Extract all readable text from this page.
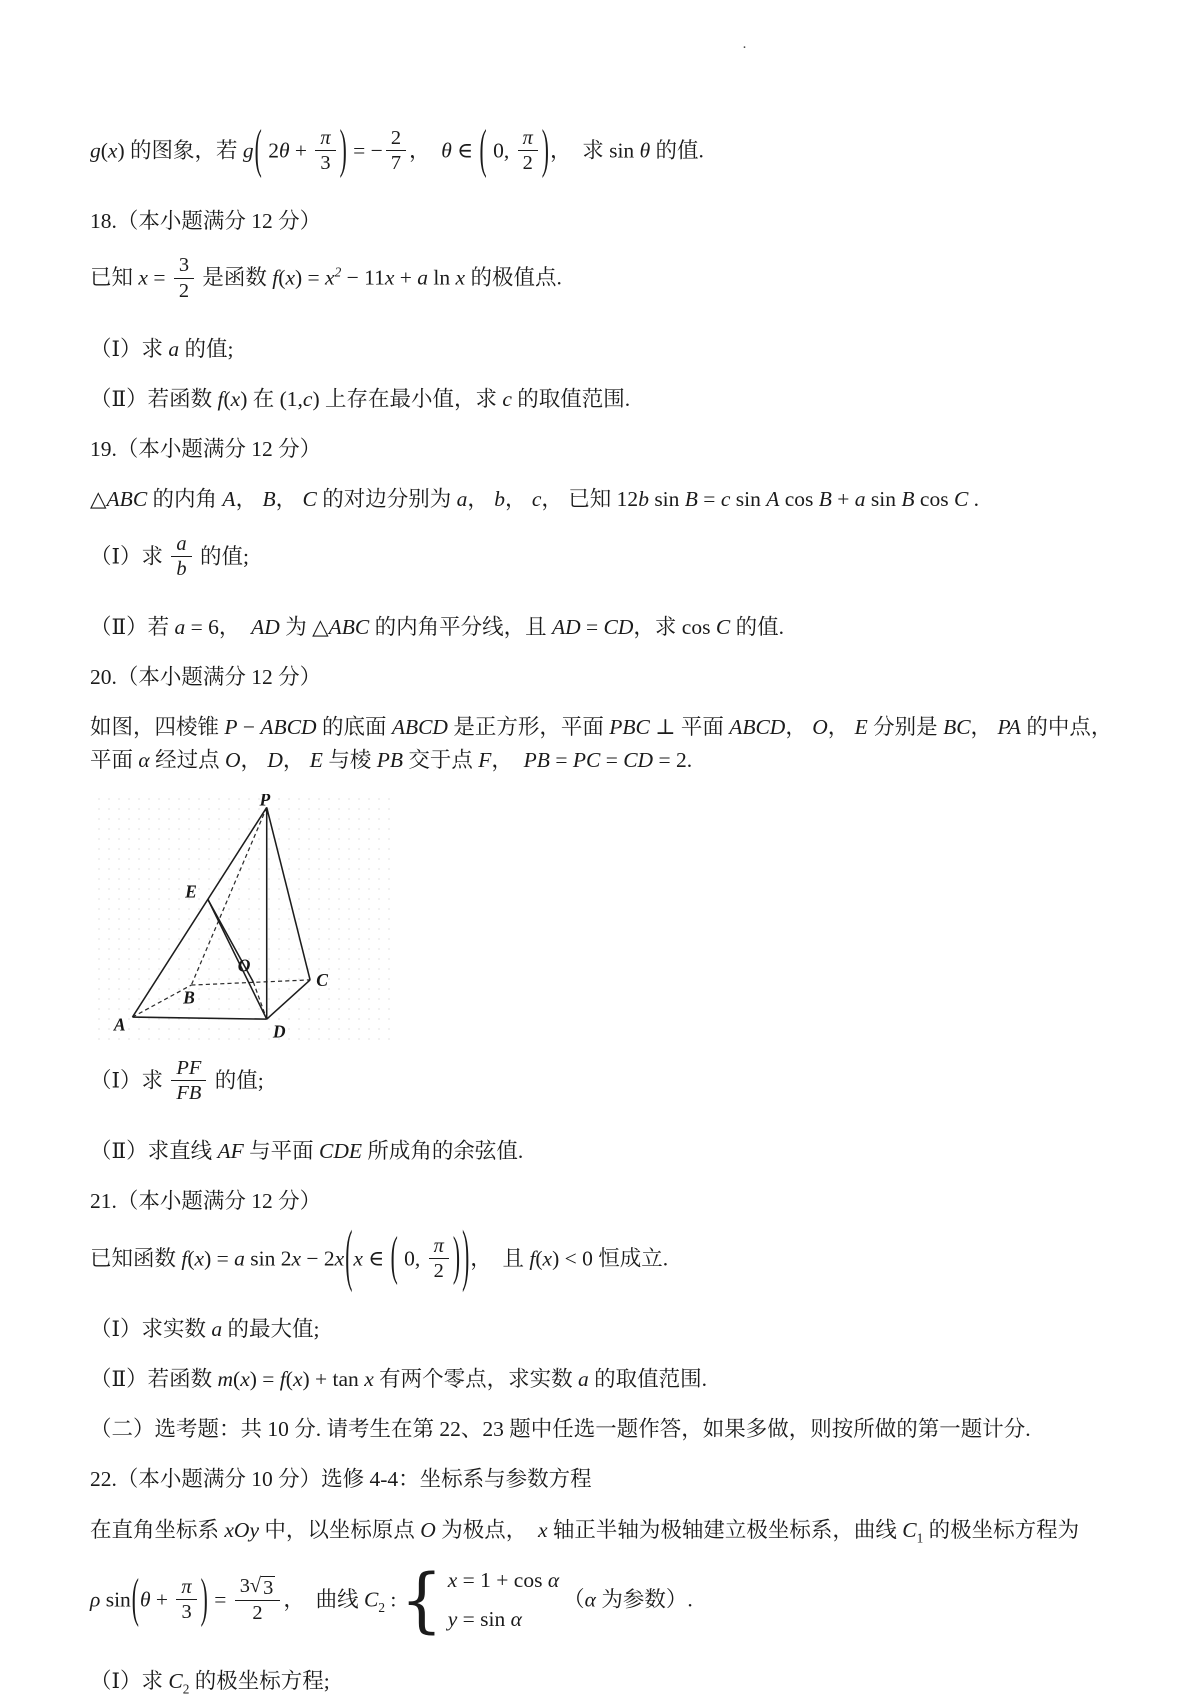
·
g(x) 的图象，若 g( $2\theta + \frac{\pi}{3}$ ) = − $\frac{2}{7}$ ，  θ ∈ ( 0, $\frac{\pi}{2}$ )，  求 sin θ 的值.
18.（本小题满分 12 分）
已知 $x = \frac{3}{2}$ 是函数 $f(x) = x^2 - 11x + a$ ln x 的极值点.
（Ⅰ）求 a 的值;
（Ⅱ）若函数 f(x) 在 (1,c) 上存在最小值，求 c 的取值范围.
19.（本小题满分 12 分）
△ABC 的内角 A， B， C 的对边分别为 a， b， c， 已知 12b sin B = c sin A cos B + a sin B cos C .
（Ⅰ）求 $\frac{a}{b}$ 的值;
（Ⅱ）若 a = 6，  AD 为 △ABC 的内角平分线，且 AD = CD，求 cos C 的值.
20.（本小题满分 12 分）
如图，四棱锥 P − ABCD 的底面 ABCD 是正方形，平面 PBC ⊥ 平面 ABCD， O， E 分别是 BC， PA 的中点，平面 α 经过点 O， D， E 与棱 PB 交于点 F，  PB = PC = CD = 2.
P
E
O
B
C
A	D
（Ⅰ）求 $\frac{PF}{FB}$ 的值;
（Ⅱ）求直线 AF 与平面 CDE 所成角的余弦值.
21.（本小题满分 12 分）
已知函数 f(x) = a sin 2x − 2x(x ∈ ( 0, $\frac{\pi}{2}$ ))，  且 f(x) < 0 恒成立.
（Ⅰ）求实数 a 的最大值;
（Ⅱ）若函数 m(x) = f(x) + tan x 有两个零点，求实数 a 的取值范围.
（二）选考题：共 10 分. 请考生在第 22、23 题中任选一题作答，如果多做，则按所做的第一题计分.
22.（本小题满分 10 分）选修 4-4：坐标系与参数方程
在直角坐标系 xOy 中，以坐标原点 O 为极点，  x 轴正半轴为极轴建立极坐标系，曲线 $C_1$ 的极坐标方程为
ρ $\sin(\theta + \frac{\pi}{3}$ ) = $\frac{3 √ 3}{2}$ ，  曲线 $C_2$ : { x = 1 + cos α
y = sin α
（α 为参数）.
（Ⅰ）求 $C_2$ 的极坐标方程;
